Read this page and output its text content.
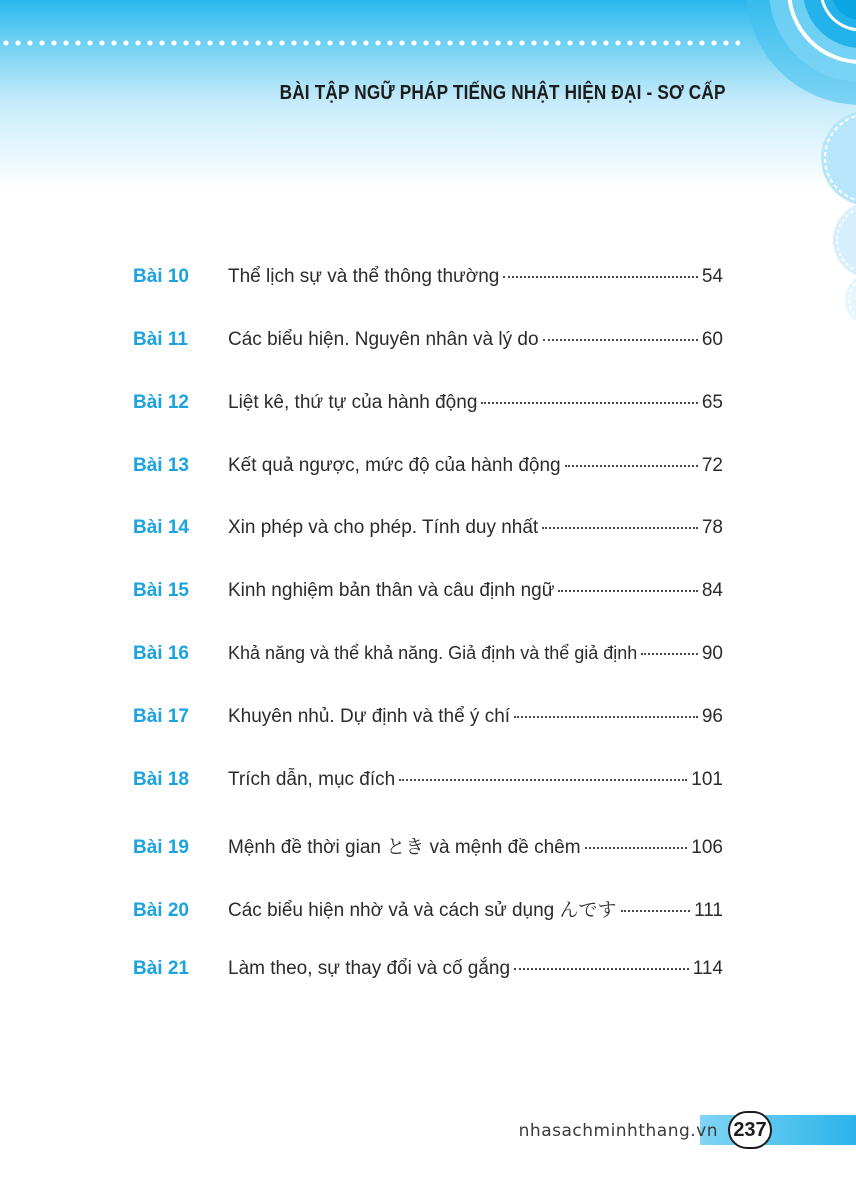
BÀI TẬP NGỮ PHÁP TIẾNG NHẬT HIỆN ĐẠI - SƠ CẤP
Bài 10	Thể lịch sự và thể thông thường	54
Bài 11	Các biểu hiện. Nguyên nhân và lý do	60
Bài 12	Liệt kê, thứ tự của hành động	65
Bài 13	Kết quả ngược, mức độ của hành động	72
Bài 14	Xin phép và cho phép. Tính duy nhất	78
Bài 15	Kinh nghiệm bản thân và câu định ngữ	84
Bài 16	Khả năng và thể khả năng. Giả định và thể giả định	90
Bài 17	Khuyên nhủ. Dự định và thể ý chí	96
Bài 18	Trích dẫn, mục đích	101
Bài 19	Mệnh đề thời gian とき và mệnh đề chêm	106
Bài 20	Các biểu hiện nhờ vả và cách sử dụng んです	111
Bài 21	Làm theo, sự thay đổi và cố gắng	114
nhasachminhthang.vn 237
